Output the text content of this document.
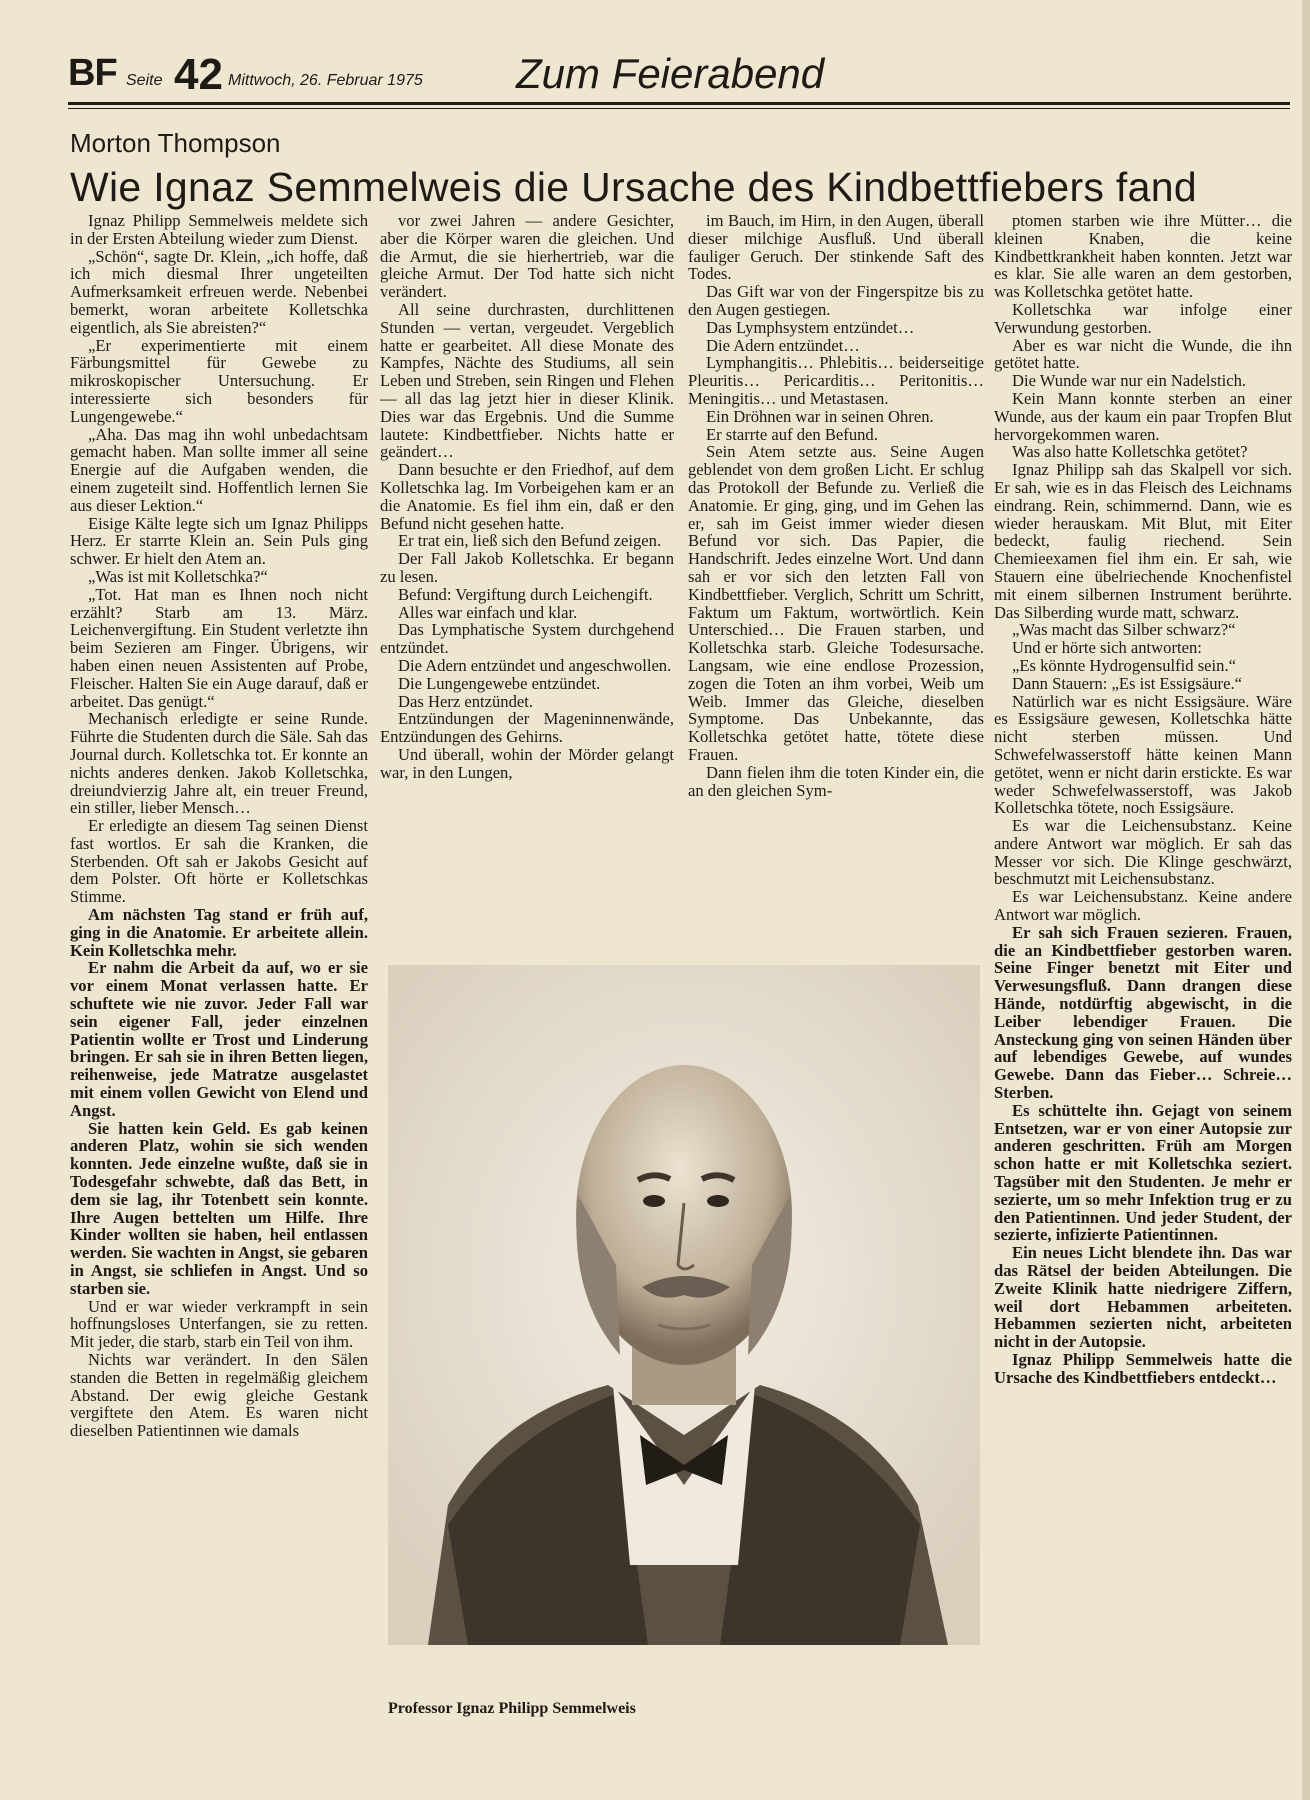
BF Seite 42 Mittwoch, 26. Februar 1975 Zum Feierabend
Morton Thompson
Wie Ignaz Semmelweis die Ursache des Kindbettfiebers fand

Ignaz Philipp Semmelweis meldete sich in der Ersten Abteilung wieder zum Dienst.

„Schön“, sagte Dr. Klein, „ich hoffe, daß ich mich diesmal Ihrer ungeteilten Aufmerksamkeit erfreuen werde. Nebenbei bemerkt, woran arbeitete Kolletschka eigentlich, als Sie abreisten?“

„Er experimentierte mit einem Färbungsmittel für Gewebe zu mikroskopischer Untersuchung. Er interessierte sich besonders für Lungengewebe.“

„Aha. Das mag ihn wohl unbedachtsam gemacht haben. Man sollte immer all seine Energie auf die Aufgaben wenden, die einem zugeteilt sind. Hoffentlich lernen Sie aus dieser Lektion.“

Eisige Kälte legte sich um Ignaz Philipps Herz. Er starrte Klein an. Sein Puls ging schwer. Er hielt den Atem an.

„Was ist mit Kolletschka?“

„Tot. Hat man es Ihnen noch nicht erzählt? Starb am 13. März. Leichenvergiftung. Ein Student verletzte ihn beim Sezieren am Finger. Übrigens, wir haben einen neuen Assistenten auf Probe, Fleischer. Halten Sie ein Auge darauf, daß er arbeitet. Das genügt.“

Mechanisch erledigte er seine Runde. Führte die Studenten durch die Säle. Sah das Journal durch. Kolletschka tot. Er konnte an nichts anderes denken. Jakob Kolletschka, dreiundvierzig Jahre alt, ein treuer Freund, ein stiller, lieber Mensch…

Er erledigte an diesem Tag seinen Dienst fast wortlos. Er sah die Kranken, die Sterbenden. Oft sah er Jakobs Gesicht auf dem Polster. Oft hörte er Kolletschkas Stimme.

Am nächsten Tag stand er früh auf, ging in die Anatomie. Er arbeitete allein. Kein Kolletschka mehr.

Er nahm die Arbeit da auf, wo er sie vor einem Monat verlassen hatte. Er schuftete wie nie zuvor. Jeder Fall war sein eigener Fall, jeder einzelnen Patientin wollte er Trost und Linderung bringen. Er sah sie in ihren Betten liegen, reihenweise, jede Matratze ausgelastet mit einem vollen Gewicht von Elend und Angst.

Sie hatten kein Geld. Es gab keinen anderen Platz, wohin sie sich wenden konnten. Jede einzelne wußte, daß sie in Todesgefahr schwebte, daß das Bett, in dem sie lag, ihr Totenbett sein konnte. Ihre Augen bettelten um Hilfe. Ihre Kinder wollten sie haben, heil entlassen werden. Sie wachten in Angst, sie gebaren in Angst, sie schliefen in Angst. Und so starben sie.

Und er war wieder verkrampft in sein hoffnungsloses Unterfangen, sie zu retten. Mit jeder, die starb, starb ein Teil von ihm.

Nichts war verändert. In den Sälen standen die Betten in regelmäßig gleichem Abstand. Der ewig gleiche Gestank vergiftete den Atem. Es waren nicht dieselben Patientinnen wie damals

vor zwei Jahren — andere Gesichter, aber die Körper waren die gleichen. Und die Armut, die sie hierhertrieb, war die gleiche Armut. Der Tod hatte sich nicht verändert.

All seine durchrasten, durchlittenen Stunden — vertan, vergeudet. Vergeblich hatte er gearbeitet. All diese Monate des Kampfes, Nächte des Studiums, all sein Leben und Streben, sein Ringen und Flehen — all das lag jetzt hier in dieser Klinik. Dies war das Ergebnis. Und die Summe lautete: Kindbettfieber. Nichts hatte er geändert…

Dann besuchte er den Friedhof, auf dem Kolletschka lag. Im Vorbeigehen kam er an die Anatomie. Es fiel ihm ein, daß er den Befund nicht gesehen hatte.

Er trat ein, ließ sich den Befund zeigen.

Der Fall Jakob Kolletschka. Er begann zu lesen.

Befund: Vergiftung durch Leichengift.

Alles war einfach und klar.

Das Lymphatische System durchgehend entzündet.

Die Adern entzündet und angeschwollen.

Die Lungengewebe entzündet.

Das Herz entzündet.

Entzündungen der Mageninnenwände, Entzündungen des Gehirns.

Und überall, wohin der Mörder gelangt war, in den Lungen,

im Bauch, im Hirn, in den Augen, überall dieser milchige Ausfluß. Und überall fauliger Geruch. Der stinkende Saft des Todes.

Das Gift war von der Fingerspitze bis zu den Augen gestiegen.

Das Lymphsystem entzündet…

Die Adern entzündet…

Lymphangitis… Phlebitis… beiderseitige Pleuritis… Pericarditis… Peritonitis… Meningitis… und Metastasen.

Ein Dröhnen war in seinen Ohren.

Er starrte auf den Befund.

Sein Atem setzte aus. Seine Augen geblendet von dem großen Licht. Er schlug das Protokoll der Befunde zu. Verließ die Anatomie. Er ging, ging, und im Gehen las er, sah im Geist immer wieder diesen Befund vor sich. Das Papier, die Handschrift. Jedes einzelne Wort. Und dann sah er vor sich den letzten Fall von Kindbettfieber. Verglich, Schritt um Schritt, Faktum um Faktum, wortwörtlich. Kein Unterschied… Die Frauen starben, und Kolletschka starb. Gleiche Todesursache. Langsam, wie eine endlose Prozession, zogen die Toten an ihm vorbei, Weib um Weib. Immer das Gleiche, dieselben Symptome. Das Unbekannte, das Kolletschka getötet hatte, tötete diese Frauen.

Dann fielen ihm die toten Kinder ein, die an den gleichen Sym-

ptomen starben wie ihre Mütter… die kleinen Knaben, die keine Kindbettkrankheit haben konnten. Jetzt war es klar. Sie alle waren an dem gestorben, was Kolletschka getötet hatte.

Kolletschka war infolge einer Verwundung gestorben.

Aber es war nicht die Wunde, die ihn getötet hatte.

Die Wunde war nur ein Nadelstich.

Kein Mann konnte sterben an einer Wunde, aus der kaum ein paar Tropfen Blut hervorgekommen waren.

Was also hatte Kolletschka getötet?

Ignaz Philipp sah das Skalpell vor sich. Er sah, wie es in das Fleisch des Leichnams eindrang. Rein, schimmernd. Dann, wie es wieder herauskam. Mit Blut, mit Eiter bedeckt, faulig riechend. Sein Chemieexamen fiel ihm ein. Er sah, wie Stauern eine übelriechende Knochenfistel mit einem silbernen Instrument berührte. Das Silberding wurde matt, schwarz.

„Was macht das Silber schwarz?“

Und er hörte sich antworten:

„Es könnte Hydrogensulfid sein.“

Dann Stauern: „Es ist Essigsäure.“

Natürlich war es nicht Essigsäure. Wäre es Essigsäure gewesen, Kolletschka hätte nicht sterben müssen. Und Schwefelwasserstoff hätte keinen Mann getötet, wenn er nicht darin erstickte. Es war weder Schwefelwasserstoff, was Jakob Kolletschka tötete, noch Essigsäure.

Es war die Leichensubstanz. Keine andere Antwort war möglich. Er sah das Messer vor sich. Die Klinge geschwärzt, beschmutzt mit Leichensubstanz.

Es war Leichensubstanz. Keine andere Antwort war möglich.

Er sah sich Frauen sezieren. Frauen, die an Kindbettfieber gestorben waren. Seine Finger benetzt mit Eiter und Verwesungsfluß. Dann drangen diese Hände, notdürftig abgewischt, in die Leiber lebendiger Frauen. Die Ansteckung ging von seinen Händen über auf lebendiges Gewebe, auf wundes Gewebe. Dann das Fieber… Schreie… Sterben.

Es schüttelte ihn. Gejagt von seinem Entsetzen, war er von einer Autopsie zur anderen geschritten. Früh am Morgen schon hatte er mit Kolletschka seziert. Tagsüber mit den Studenten. Je mehr er sezierte, um so mehr Infektion trug er zu den Patientinnen. Und jeder Student, der sezierte, infizierte Patientinnen.

Ein neues Licht blendete ihn. Das war das Rätsel der beiden Abteilungen. Die Zweite Klinik hatte niedrigere Ziffern, weil dort Hebammen arbeiteten. Hebammen sezierten nicht, arbeiteten nicht in der Autopsie.

Ignaz Philipp Semmelweis hatte die Ursache des Kindbettfiebers entdeckt…

Professor Ignaz Philipp Semmelweis
